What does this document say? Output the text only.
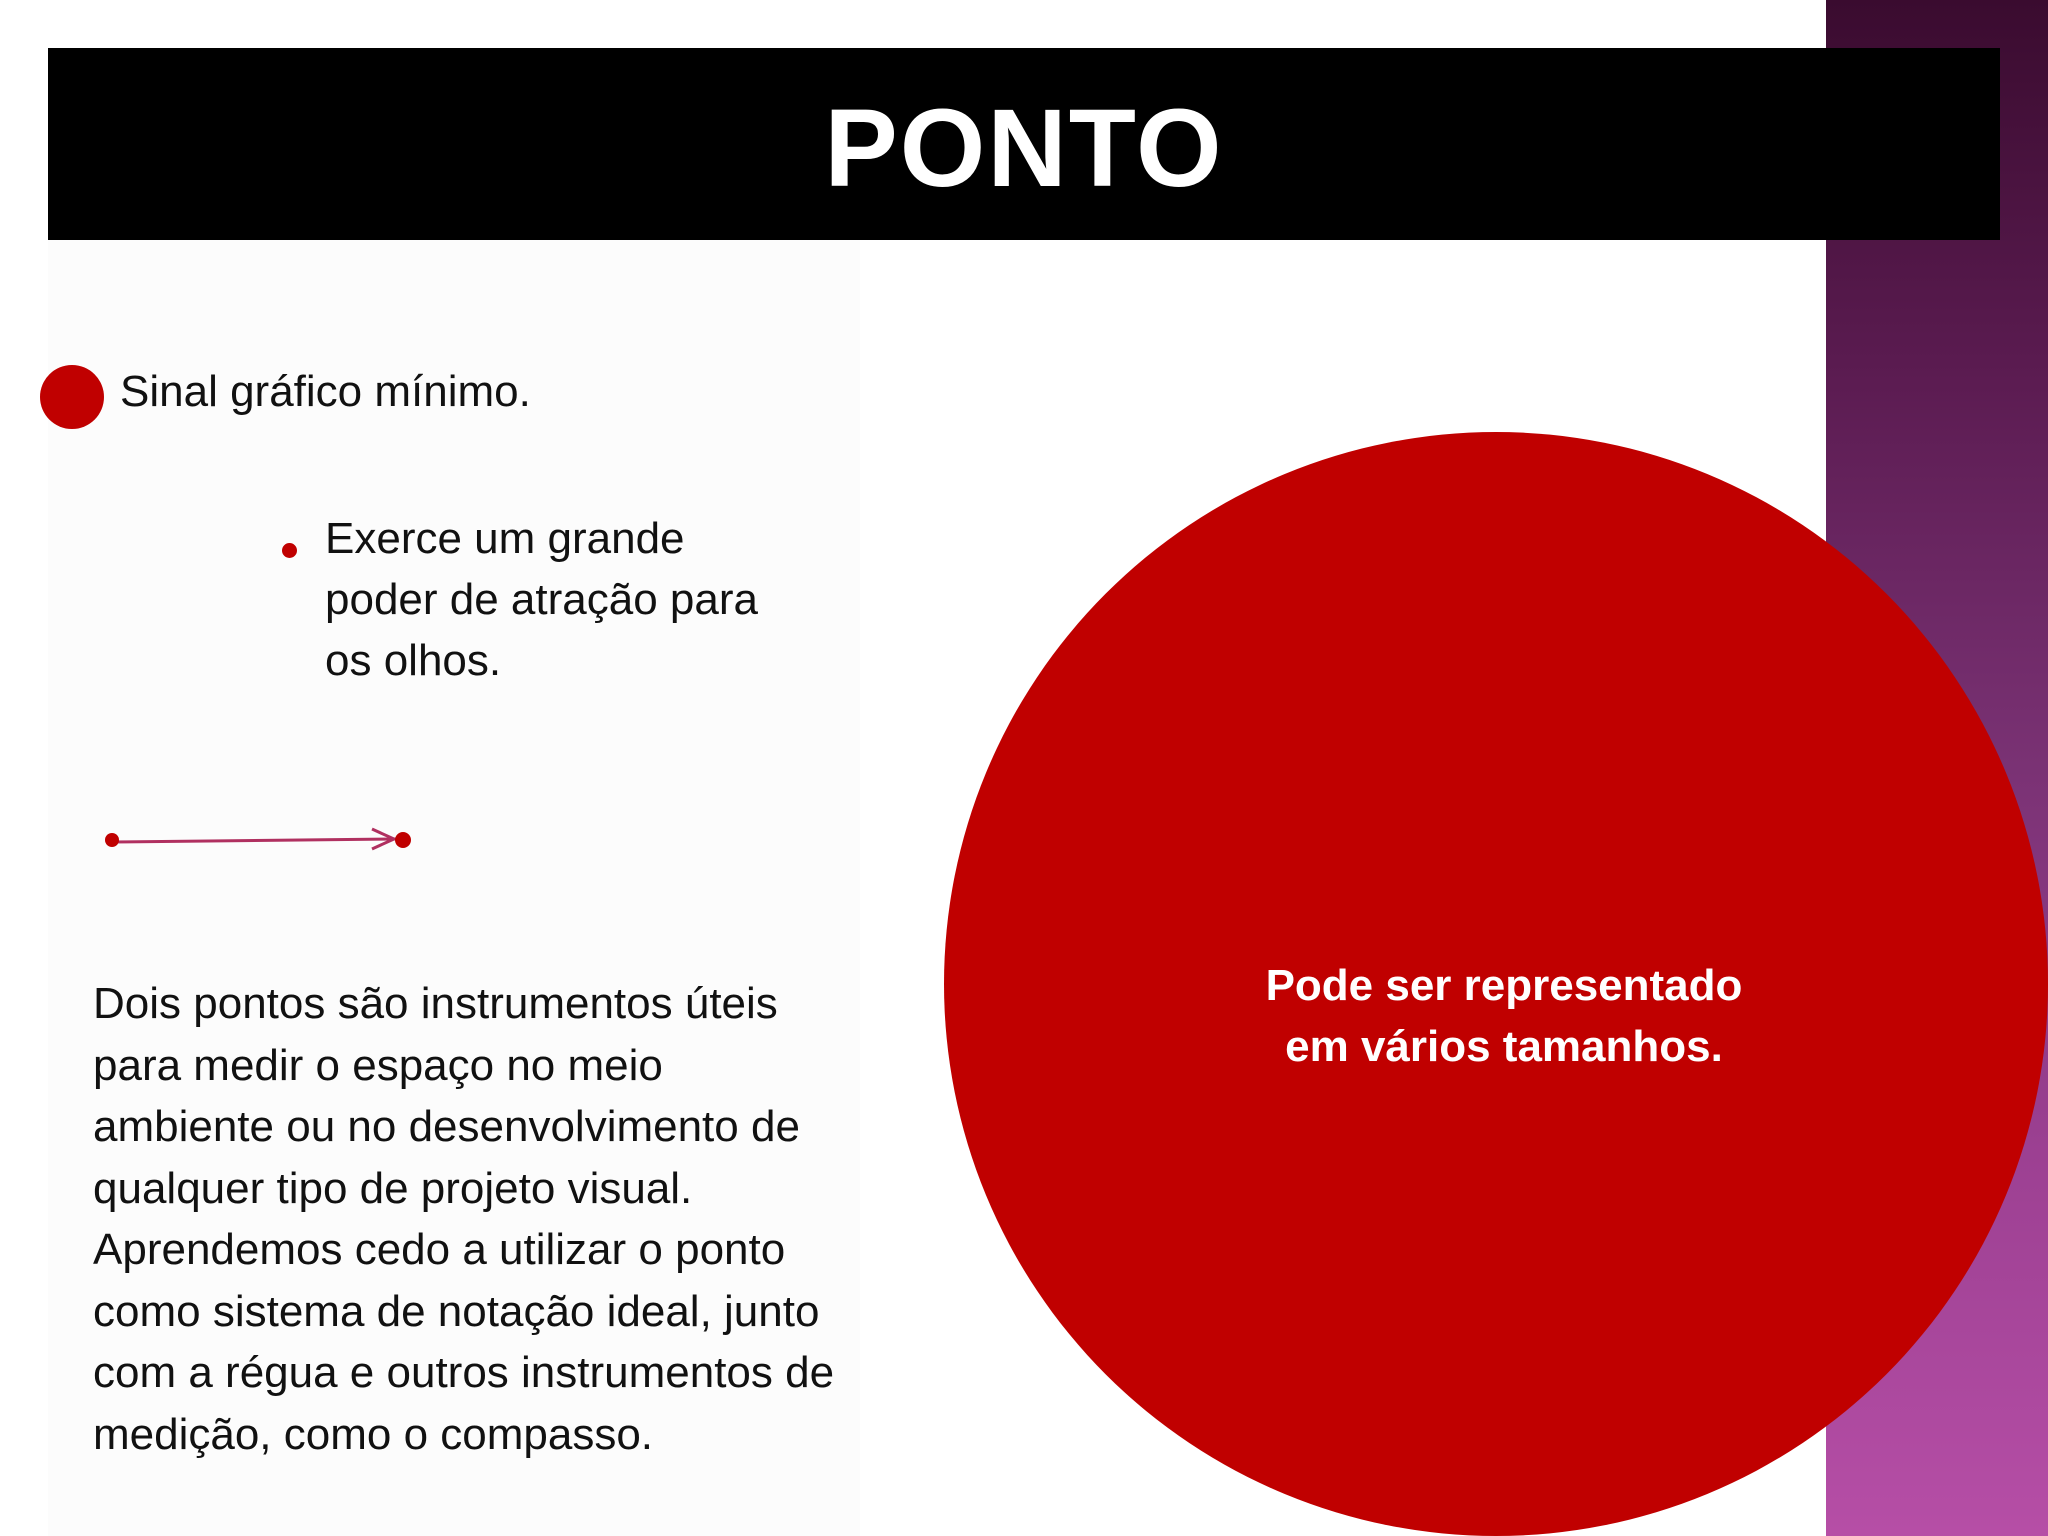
PONTO
Sinal gráfico mínimo.
Exerce um grande
poder de atração para
os olhos.
Dois pontos são instrumentos úteis
para medir o espaço no meio
ambiente ou no desenvolvimento de
qualquer tipo de projeto visual.
Aprendemos cedo a utilizar o ponto
como sistema de notação ideal, junto
com a régua e outros instrumentos de
medição, como o compasso.
Pode ser representado
em vários tamanhos.
